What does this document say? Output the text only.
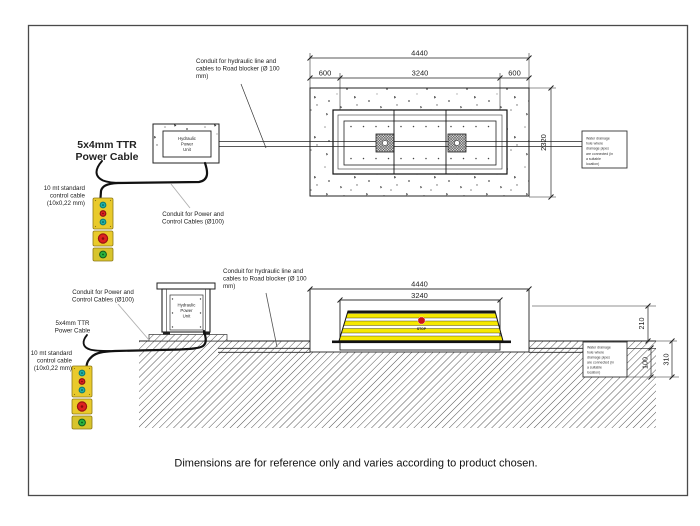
Hydraulic
Power
Unit
4440
600	3240	600
2320	Water drainage
hole where
drainage pipes
are connected (in
a suitable
location)
Conduit for hydraulic line and
cables to Road blocker (Ø 100
mm)
5x4mm TTR
Power Cable
10 mt standard
control cable
(10x0,22 mm)
Conduit for Power and
Control Cables (Ø100)
STOP
Water drainage
hole where
drainage pipes
are connected (in
a suitable
location)
Hydraulic
Power
Unit
4440
3240
210
100 310
Conduit for hydraulic line and
cables to Road blocker (Ø 100
mm)
Conduit for Power and
Control Cables (Ø100)
5x4mm TTR
Power Cable
10 mt standard
control cable
(10x0,22 mm)
Dimensions are for reference only and varies according to product chosen.
